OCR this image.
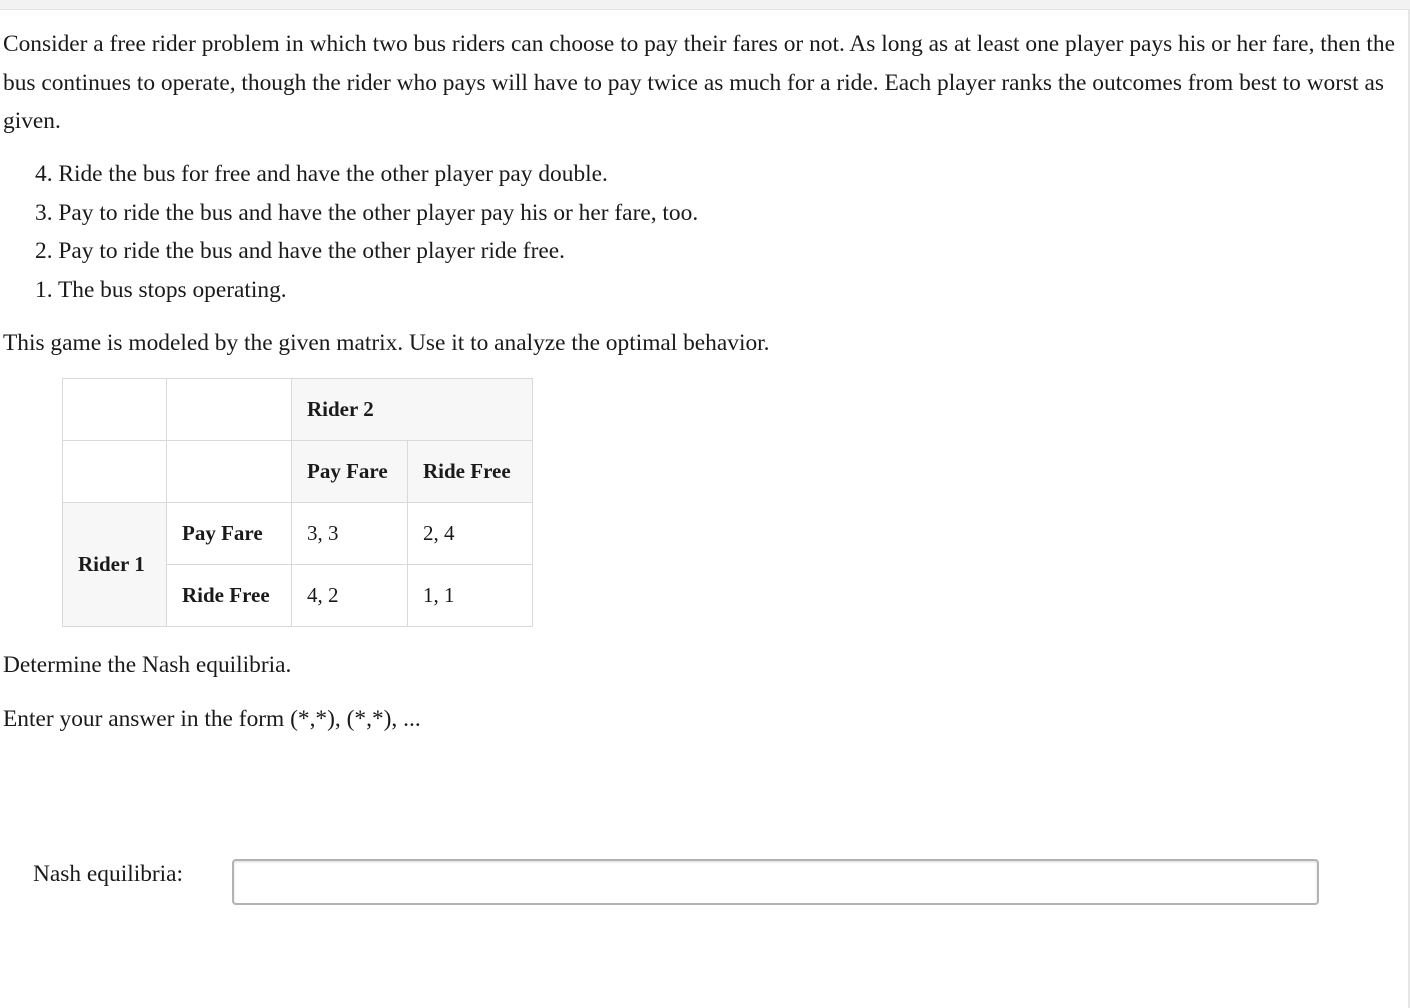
Consider a free rider problem in which two bus riders can choose to pay their fares or not. As long as at least one player pays his or her fare, then the bus continues to operate, though the rider who pays will have to pay twice as much for a ride. Each player ranks the outcomes from best to worst as given.

4. Ride the bus for free and have the other player pay double.
3. Pay to ride the bus and have the other player pay his or her fare, too.
2. Pay to ride the bus and have the other player ride free.
1. The bus stops operating.

This game is modeled by the given matrix. Use it to analyze the optimal behavior.

		Rider 2	
		Pay Fare	Ride Free
Rider 1	Pay Fare	3, 3	2, 4
	Ride Free	4, 2	1, 1

Determine the Nash equilibria.

Enter your answer in the form (*,*), (*,*), ...

Nash equilibria:
